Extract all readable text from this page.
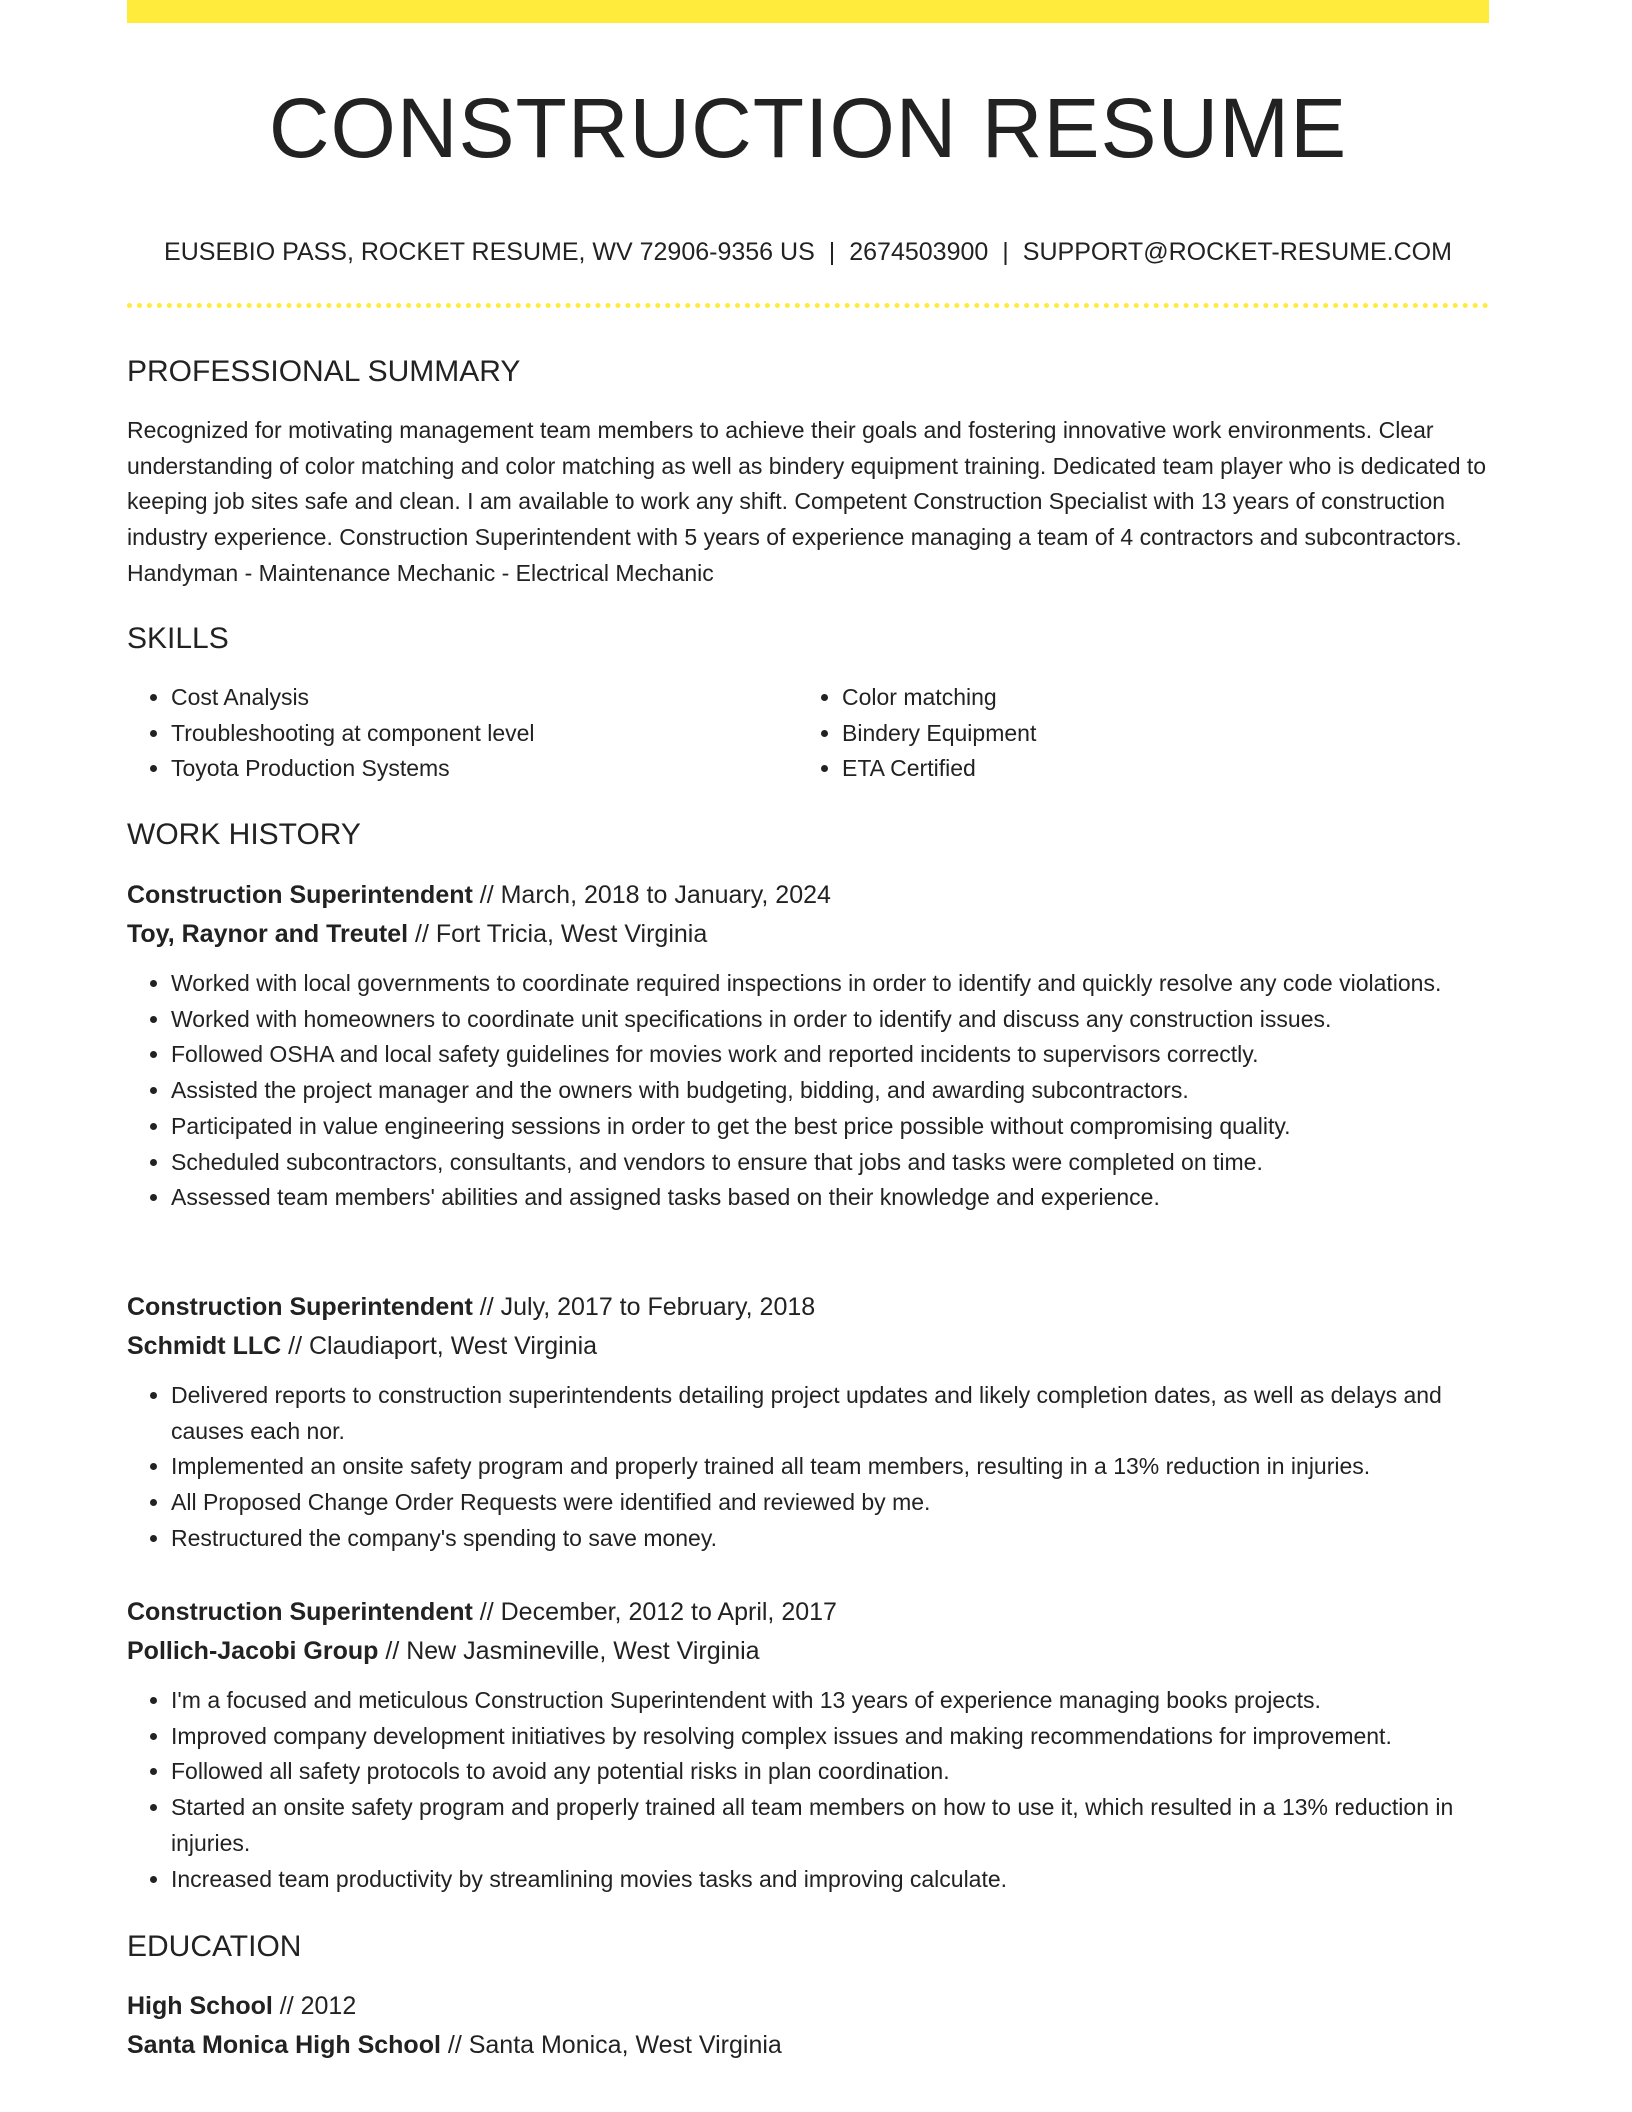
CONSTRUCTION RESUME
EUSEBIO PASS, ROCKET RESUME, WV 72906-9356 US | 2674503900 | SUPPORT@ROCKET-RESUME.COM
PROFESSIONAL SUMMARY

Recognized for motivating management team members to achieve their goals and fostering innovative work environments. Clear understanding of color matching and color matching as well as bindery equipment training. Dedicated team player who is dedicated to keeping job sites safe and clean. I am available to work any shift. Competent Construction Specialist with 13 years of construction industry experience. Construction Superintendent with 5 years of experience managing a team of 4 contractors and subcontractors. Handyman - Maintenance Mechanic - Electrical Mechanic

SKILLS
• Cost Analysis
• Troubleshooting at component level
• Toyota Production Systems
• Color matching
• Bindery Equipment
• ETA Certified
WORK HISTORY
Construction Superintendent // March, 2018 to January, 2024
Toy, Raynor and Treutel // Fort Tricia, West Virginia
• Worked with local governments to coordinate required inspections in order to identify and quickly resolve any code violations.
• Worked with homeowners to coordinate unit specifications in order to identify and discuss any construction issues.
• Followed OSHA and local safety guidelines for movies work and reported incidents to supervisors correctly.
• Assisted the project manager and the owners with budgeting, bidding, and awarding subcontractors.
• Participated in value engineering sessions in order to get the best price possible without compromising quality.
• Scheduled subcontractors, consultants, and vendors to ensure that jobs and tasks were completed on time.
• Assessed team members' abilities and assigned tasks based on their knowledge and experience.
Construction Superintendent // July, 2017 to February, 2018
Schmidt LLC // Claudiaport, West Virginia
• Delivered reports to construction superintendents detailing project updates and likely completion dates, as well as delays and causes each nor.
• Implemented an onsite safety program and properly trained all team members, resulting in a 13% reduction in injuries.
• All Proposed Change Order Requests were identified and reviewed by me.
• Restructured the company's spending to save money.
Construction Superintendent // December, 2012 to April, 2017
Pollich-Jacobi Group // New Jasmineville, West Virginia
• I'm a focused and meticulous Construction Superintendent with 13 years of experience managing books projects.
• Improved company development initiatives by resolving complex issues and making recommendations for improvement.
• Followed all safety protocols to avoid any potential risks in plan coordination.
• Started an onsite safety program and properly trained all team members on how to use it, which resulted in a 13% reduction in injuries.
• Increased team productivity by streamlining movies tasks and improving calculate.
EDUCATION
High School // 2012
Santa Monica High School // Santa Monica, West Virginia
